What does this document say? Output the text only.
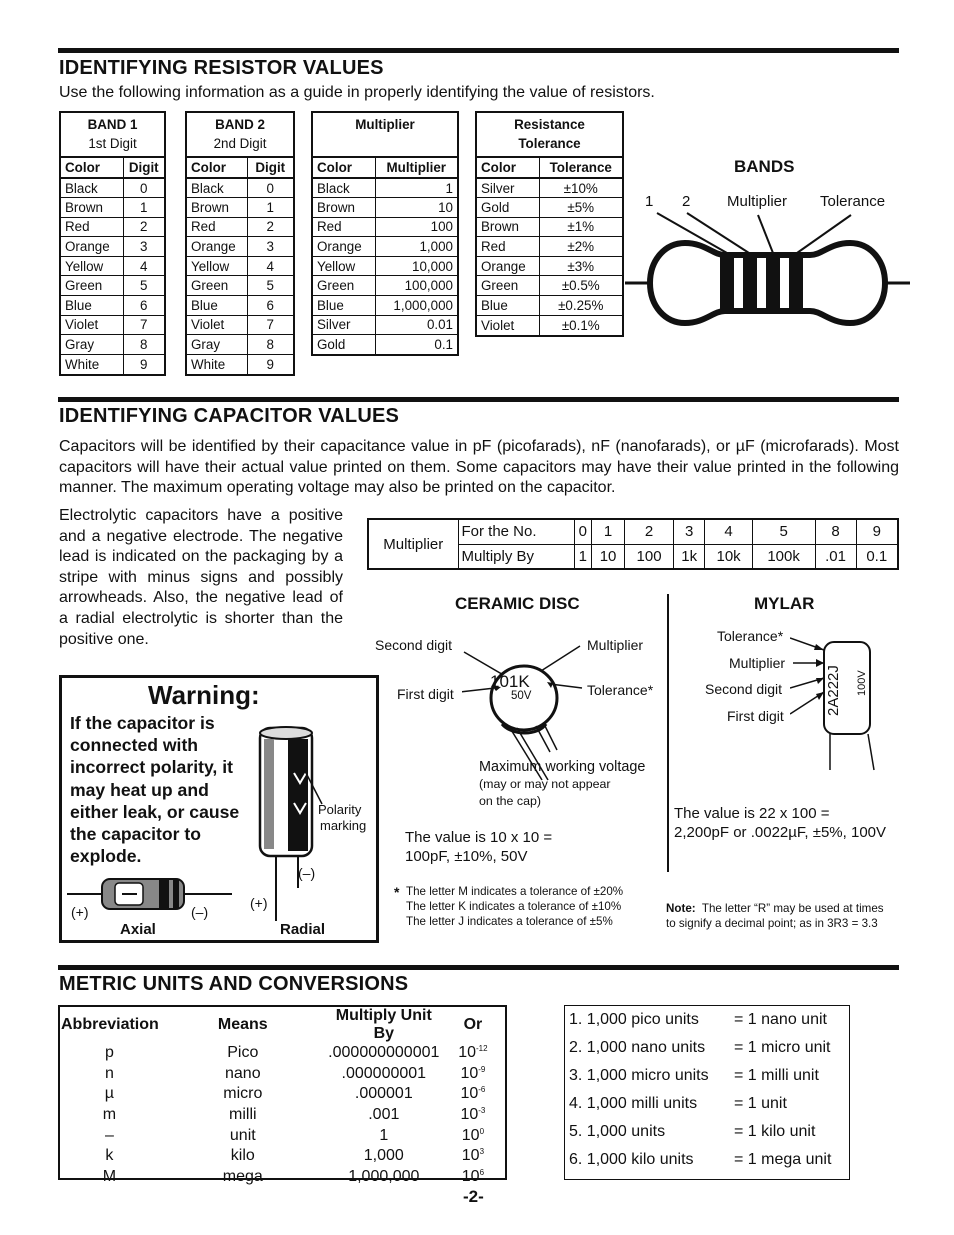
IDENTIFYING RESISTOR VALUES
Use the following information as a guide in properly identifying the value of resistors.
BAND 1
1st Digit
Color	Digit
Black	0
Brown	1
Red	2
Orange	3
Yellow	4
Green	5
Blue	6
Violet	7
Gray	8
White	9
BAND 2
2nd Digit
Color	Digit
Black	0
Brown	1
Red	2
Orange	3
Yellow	4
Green	5
Blue	6
Violet	7
Gray	8
White	9
Multiplier
Color	Multiplier
Black	1
Brown	10
Red	100
Orange	1,000
Yellow	10,000
Green	100,000
Blue	1,000,000
Silver	0.01
Gold	0.1
Resistance
Tolerance
Color	Tolerance
Silver	±10%
Gold	±5%
Brown	±1%
Red	±2%
Orange	±3%
Green	±0.5%
Blue	±0.25%
Violet	±0.1%
BANDS
1 2 Multiplier Tolerance
IDENTIFYING CAPACITOR VALUES
Capacitors will be identified by their capacitance value in pF (picofarads), nF (nanofarads), or µF (microfarads). Most capacitors will have their actual value printed on them. Some capacitors may have their value printed in the following manner. The maximum operating voltage may also be printed on the capacitor.
Electrolytic capacitors have a positive and a negative electrode. The negative lead is indicated on the packaging by a stripe with minus signs and possibly arrowheads. Also, the negative lead of a radial electrolytic is shorter than the positive one.
Multiplier	For the No.	0	1	2	3	4	5	8	9
	Multiply By	1	10	100	1k	10k	100k	.01	0.1
Warning:
If the capacitor is connected with incorrect polarity, it may heat up and either leak, or cause the capacitor to explode.
Polarity
marking
(–)
(+)
(+)	(–)
Axial	Radial
CERAMIC DISC
Second digit	Multiplier
First digit	Tolerance*
101K
50V
Maximum working voltage
(may or may not appear
on the cap)
The value is 10 x 10 =
100pF, ±10%, 50V
* The letter M indicates a tolerance of ±20%
The letter K indicates a tolerance of ±10%
The letter J indicates a tolerance of ±5%
MYLAR
Tolerance*
Multiplier
Second digit
First digit	2A222J 100V
The value is 22 x 100 =
2,200pF or .0022µF, ±5%, 100V
Note: The letter “R” may be used at times
to signify a decimal point; as in 3R3 = 3.3
METRIC UNITS AND CONVERSIONS
Abbreviation	Means	Multiply Unit By	Or
p	Pico	.000000000001	$10^{-12}$
n	nano	.000000001	$10^{-9}$
µ	micro	.000001	$10^{-6}$
m	milli	.001	$10^{-3}$
–	unit	1	$10^0$
k	kilo	1,000	$10^3$
M	mega	1,000,000	$10^6$
1. 1,000 pico units	= 1 nano unit
2. 1,000 nano units	= 1 micro unit
3. 1,000 micro units	= 1 milli unit
4. 1,000 milli units	= 1 unit
5. 1,000 units	= 1 kilo unit
6. 1,000 kilo units	= 1 mega unit
-2-
